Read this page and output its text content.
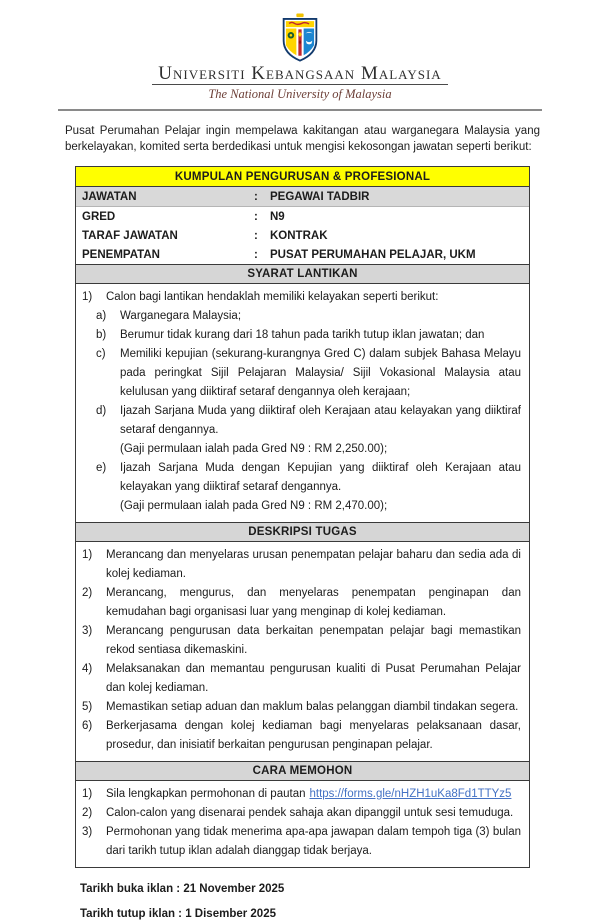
Universiti Kebangsaan Malaysia
The National University of Malaysia

Pusat Perumahan Pelajar ingin mempelawa kakitangan atau warganegara Malaysia yang berkelayakan, komited serta berdedikasi untuk mengisi kekosongan jawatan seperti berikut:

KUMPULAN PENGURUSAN & PROFESIONAL
JAWATAN	:	PEGAWAI TADBIR
GRED	:	N9
TARAF JAWATAN	:	KONTRAK
PENEMPATAN	:	PUSAT PERUMAHAN PELAJAR, UKM
SYARAT LANTIKAN
1)	Calon bagi lantikan hendaklah memiliki kelayakan seperti berikut:
a)	Warganegara Malaysia;
b)	Berumur tidak kurang dari 18 tahun pada tarikh tutup iklan jawatan; dan
c)	Memiliki kepujian (sekurang-kurangnya Gred C) dalam subjek Bahasa Melayu pada peringkat Sijil Pelajaran Malaysia/ Sijil Vokasional Malaysia atau kelulusan yang diiktiraf setaraf dengannya oleh kerajaan;
d)	Ijazah Sarjana Muda yang diiktiraf oleh Kerajaan atau kelayakan yang diiktiraf setaraf dengannya.
(Gaji permulaan ialah pada Gred N9 : RM 2,250.00);
e)	Ijazah Sarjana Muda dengan Kepujian yang diiktiraf oleh Kerajaan atau kelayakan yang diiktiraf setaraf dengannya.
(Gaji permulaan ialah pada Gred N9 : RM 2,470.00);
DESKRIPSI TUGAS
1)	Merancang dan menyelaras urusan penempatan pelajar baharu dan sedia ada di kolej kediaman.
2)	Merancang, mengurus, dan menyelaras penempatan penginapan dan kemudahan bagi organisasi luar yang menginap di kolej kediaman.
3)	Merancang pengurusan data berkaitan penempatan pelajar bagi memastikan rekod sentiasa dikemaskini.
4)	Melaksanakan dan memantau pengurusan kualiti di Pusat Perumahan Pelajar dan kolej kediaman.
5)	Memastikan setiap aduan dan maklum balas pelanggan diambil tindakan segera.
6)	Berkerjasama dengan kolej kediaman bagi menyelaras pelaksanaan dasar, prosedur, dan inisiatif berkaitan pengurusan penginapan pelajar.
CARA MEMOHON
1)	Sila lengkapkan permohonan di pautan https://forms.gle/nHZH1uKa8Fd1TTYz5
2)	Calon-calon yang disenarai pendek sahaja akan dipanggil untuk sesi temuduga.
3)	Permohonan yang tidak menerima apa-apa jawapan dalam tempoh tiga (3) bulan dari tarikh tutup iklan adalah dianggap tidak berjaya.
Tarikh buka iklan : 21 November 2025
Tarikh tutup iklan : 1 Disember 2025
